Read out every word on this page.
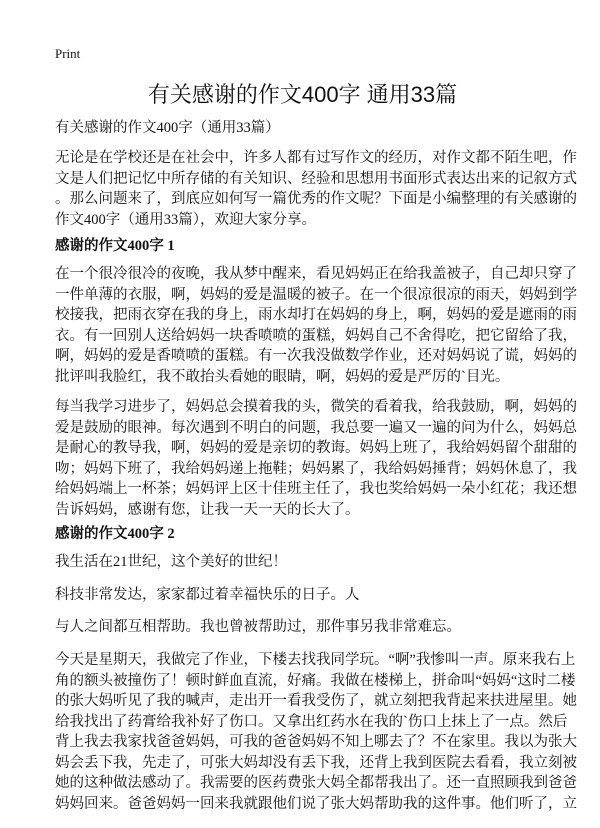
Print
有关感谢的作文400字 通用33篇
有关感谢的作文400字（通用33篇）
无论是在学校还是在社会中，许多人都有过写作文的经历，对作文都不陌生吧，作
文是人们把记忆中所存储的有关知识、经验和思想用书面形式表达出来的记叙方式
。那么问题来了，到底应如何写一篇优秀的作文呢？下面是小编整理的有关感谢的
作文400字（通用33篇），欢迎大家分享。
感谢的作文400字 1
在一个很冷很冷的夜晚，我从梦中醒来，看见妈妈正在给我盖被子，自己却只穿了
一件单薄的衣服，啊，妈妈的爱是温暖的被子。在一个很凉很凉的雨天，妈妈到学
校接我，把雨衣穿在我的身上，雨水却打在妈妈的身上，啊，妈妈的爱是遮雨的雨
衣。有一回别人送给妈妈一块香喷喷的蛋糕，妈妈自己不舍得吃，把它留给了我，
啊，妈妈的爱是香喷喷的蛋糕。有一次我没做数学作业，还对妈妈说了谎，妈妈的
批评叫我脸红，我不敢抬头看她的眼睛，啊，妈妈的爱是严厉的`目光。
每当我学习进步了，妈妈总会摸着我的头，微笑的看着我，给我鼓励，啊，妈妈的
爱是鼓励的眼神。每次遇到不明白的问题，我总要一遍又一遍的问为什么，妈妈总
是耐心的教导我，啊，妈妈的爱是亲切的教诲。妈妈上班了，我给妈妈留个甜甜的
吻；妈妈下班了，我给妈妈递上拖鞋；妈妈累了，我给妈妈捶背；妈妈休息了，我
给妈妈端上一杯茶；妈妈评上区十佳班主任了，我也奖给妈妈一朵小红花；我还想
告诉妈妈，感谢有您，让我一天一天的长大了。
感谢的作文400字 2
我生活在21世纪，这个美好的世纪！
科技非常发达，家家都过着幸福快乐的日子。人
与人之间都互相帮助。我也曾被帮助过，那件事另我非常难忘。
今天是星期天，我做完了作业，下楼去找我同学玩。“啊”我惨叫一声。原来我右上
角的额头被撞伤了！顿时鲜血直流，好痛。我做在楼梯上，拼命叫“妈妈“这时二楼
的张大妈听见了我的喊声，走出开一看我受伤了，就立刻把我背起来扶进屋里。她
给我找出了药膏给我补好了伤口。又拿出红药水在我的`伤口上抹上了一点。然后
背上我去我家找爸爸妈妈，可我的爸爸妈妈不知上哪去了？不在家里。我以为张大
妈会丢下我，先走了，可张大妈却没有丢下我，还背上我到医院去看看，我立刻被
她的这种做法感动了。我需要的医药费张大妈全都帮我出了。还一直照顾我到爸爸
妈妈回来。爸爸妈妈一回来我就跟他们说了张大妈帮助我的这件事。他们听了，立
